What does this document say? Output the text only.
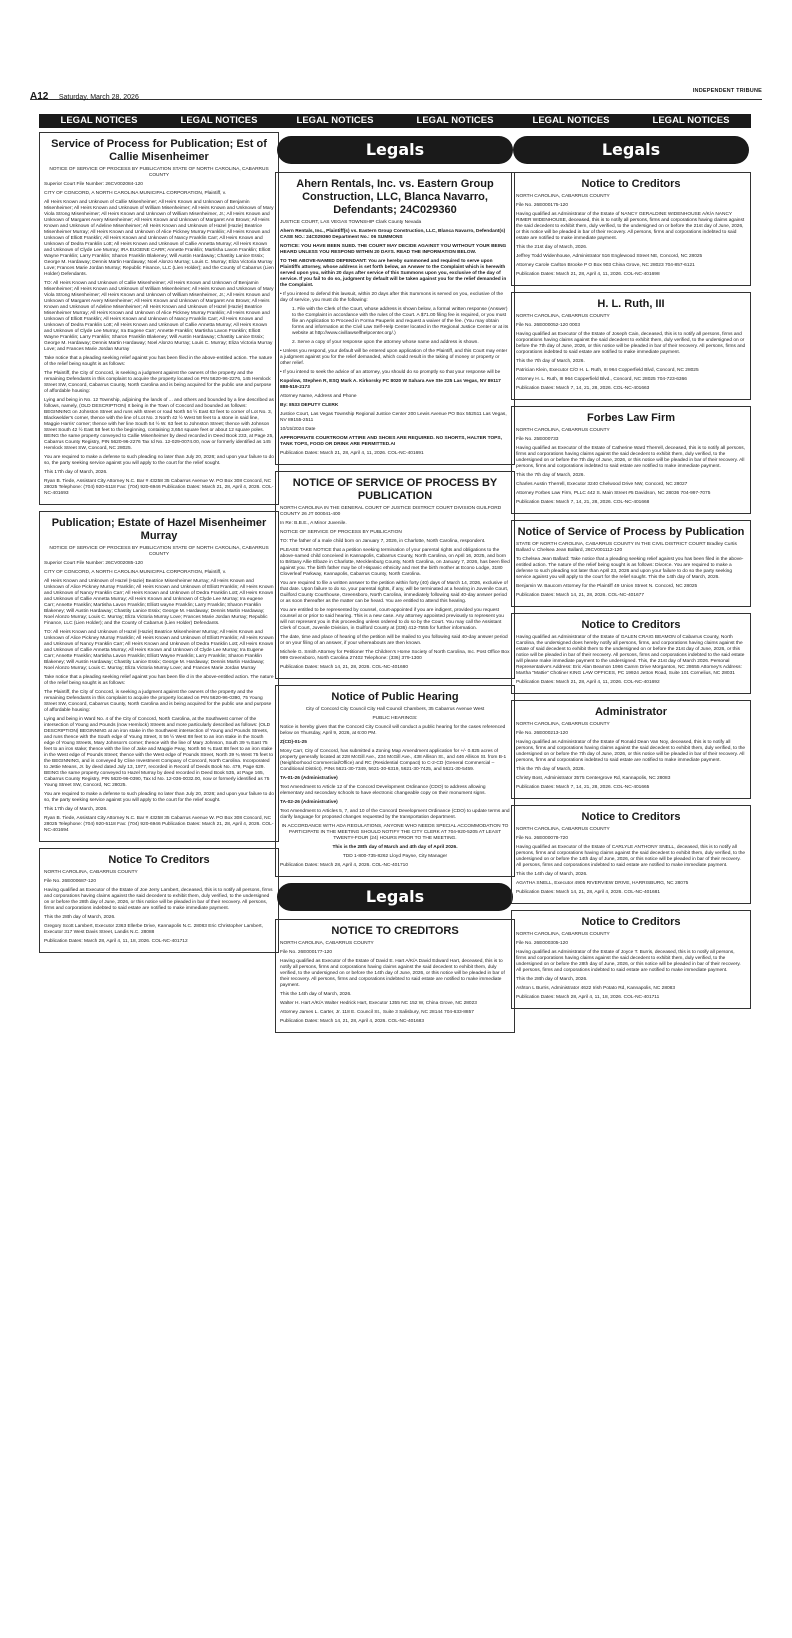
A12 Saturday, March 28, 2026
INDEPENDENT TRIBUNE
LEGAL NOTICES	LEGAL NOTICES	LEGAL NOTICES	LEGAL NOTICES	LEGAL NOTICES	LEGAL NOTICES
Service of Process for Publication; Est of Callie Misenheimer

NOTICE OF SERVICE OF PROCESS BY PUBLICATION STATE OF NORTH CAROLINA, CABARRUS COUNTY

Superior Court File Number: 26CV002084-120

CITY OF CONCORD, A NORTH CAROLINA MUNICIPAL CORPORATION, Plaintiff, v.

All Heirs Known and Unknown of Callie Misenheimer; All Heirs Known and Unknown of Benjamin Misenheimer; All Heirs Known and Unknown of William Misenheimer; All Heirs Known and Unknown of Mary Viola Strong Misenheimer; All Heirs Known and Unknown of William Misenheimer, Jr.; All Heirs Known and Unknown of Margaret Avery Misenheimer; All Heirs Known and Unknown of Margaret Ann Brown; All Heirs Known and Unknown of Adeline Misenheimer; All Heirs Known and Unknown of Hazel (Hazie) Beatrice Misenheimer Murray; All Heirs Known and Unknown of Alice Pickney Murray Franklin; All Heirs Known and Unknown of Elliott Franklin; All Heirs Known and Unknown of Nancy Franklin Carr; All Heirs Known and Unknown of Dedra Franklin Lott; All Heirs Known and Unknown of Callie Annetta Murray; All Heirs Known and Unknown of Clyde Lee Murray; IRA EUGENE CARR; Annette Franklin; Martisha Lavon Franklin; Elliott Wayne Franklin; Larry Franklin; Sharon Franklin Blakeney; Will Austin Hardaway; Chastity Lanice Essix; George M. Hardaway; Dennis Martin Hardaway; Noel Alonzo Murray; Louis C. Murray; Eliza Victoria Murray Love; Frances Marie Jordan Murray; Republic Finance, LLC (Lien Holder); and the County of Cabarrus (Lien Holder) Defendants.

TO: All Heirs Known and Unknown of Callie Misenheimer; All Heirs Known and Unknown of Benjamin Misenheimer; All Heirs Known and Unknown of William Misenheimer; All Heirs Known and Unknown of Mary Viola Strong Misenheimer; All Heirs Known and Unknown of William Misenheimer, Jr.; All Heirs Known and Unknown of Margaret Avery Misenheimer; All Heirs Known and Unknown of Margaret Ann Brown; All Heirs Known and Unknown of Adeline Misenheimer; All Heirs Known and Unknown of Hazel (Hazie) Beatrice Misenheimer Murray; All Heirs Known and Unknown of Alice Pickney Murray Franklin; All Heirs Known and Unknown of Elliott Franklin; All Heirs Known and Unknown of Nancy Franklin Carr; All Heirs Known and Unknown of Dedra Franklin Lott; All Heirs Known and Unknown of Callie Annetta Murray; All Heirs Known and Unknown of Clyde Lee Murray; Ira Eugene Carr; Annette Franklin; Martisha Lavon Franklin; Elliott Wayne Franklin; Larry Franklin; Sharon Franklin Blakeney; Will Austin Hardaway; Chastity Lanice Essix; George M. Hardaway; Dennis Martin Hardaway; Noel Alonzo Murray; Louis C. Murray; Eliza Victoria Murray Love; and Frances Marie Jordan Murray

Take notice that a pleading seeking relief against you has been filed in the above-entitled action. The nature of the relief being sought is as follows:

The Plaintiff, the City of Concord, is seeking a judgment against the owners of the property and the remaining Defendants in this complaint to acquire the property located on PIN 5620-96-2276, 145 Hemlock Street SW, Concord, Cabarrus County, North Carolina and is being acquired for the public use and purpose of affordable housing:

Lying and being in No. 12 Township, adjoining the lands of ... and others and bounded by a line described as follows, namely, (OLD DESCRIPTION) It being in the Town of Concord and bounded as follows: BEGINNING on Johnston Street and runs with street or road North 54 ½ East 63 feet to corner of Lot No. 3, Blackwelder's corner, thence with the line of Lot No. 3 North 42 ½ West 58 feet to a stone in said line, Maggie Harris' corner; thence with her line South 54 ½ W. 63 feet to Johnston Street; thence with Johnson Street South 42 ½ East 58 feet to the beginning, containing 3,654 square feet or about 12 square poles. BEING the same property conveyed to Callie Misenheimer by deed recorded in Deed Book 233, at Page 25, Cabarrus County Registry, PIN 5620-96-2276 Tax Id No. 12-029-0074.00, now or formerly identified as 145 Hemlock Street SW, Concord, NC 28025.

You are required to make a defense to such pleading no later than July 20, 2026; and upon your failure to do so, the party seeking service against you will apply to the court for the relief sought.

This 17th day of March, 2026.

Ryan B. Tiede, Assistant City Attorney N.C. Bar # 43258 35 Cabarrus Avenue W. PO Box 308 Concord, NC 28025 Telephone: (704) 920-5118 Fax: (704) 920-6946 Publication Dates: March 21, 28, April 4, 2026. COL-NC-401693

Publication; Estate of Hazel Misenheimer Murray

NOTICE OF SERVICE OF PROCESS BY PUBLICATION STATE OF NORTH CAROLINA, CABARRUS COUNTY

Superior Court File Number: 26CV002085-120

CITY OF CONCORD, A NORTH CAROLINA MUNICIPAL CORPORATION, Plaintiff, v.

All Heirs Known and Unknown of Hazel (Hazie) Beatrice Misenheimer Murray; All Heirs Known and Unknown of Alice Pickney Murray Franklin; All Heirs Known and Unknown of Elliott Franklin; All Heirs Known and Unknown of Nancy Franklin Carr; All Heirs Known and Unknown of Dedra Franklin Lott; All Heirs Known and Unknown of Callie Annetta Murray; All Heirs Known and Unknown of Clyde Lee Murray; Ira eugene Carr; Annette Franklin; Martisha Lavon Franklin; Elliott wayne Franklin; Larry Franklin; Sharon Franklin Blakeney; Will Austin Hardaway; Chastity Lanice Essix; George M. Hardaway; Dennis Martin Hardaway; Noel Alonzo Murray; Louis C. Murray; Eliza Victoria Murray Love; Frances Marie Jordan Murray; Republic Finance, LLC (Lien Holder); and the County of Cabarrus (Lien Holder) Defendants.

TO: All Heirs Known and Unknown of Hazel (Hazie) Beatrice Misenheimer Murray; All Heirs Known and Unknown of Alice Pickney Murray Franklin; All Heirs Known and Unknown of Elliott Franklin; All Heirs Known and Unknown of Nancy Franklin Carr; All Heirs Known and Unknown of Dedra Franklin Lott; All Heirs Known and Unknown of Callie Annetta Murray; All Heirs Known and Unknown of Clyde Lee Murray; Ira Eugene Carr; Annette Franklin; Martisha Lavon Franklin; Elliott Wayne Franklin; Larry Franklin; Sharon Franklin Blakeney; Will Austin Hardaway; Chastity Lanice Essix; George M. Hardaway; Dennis Martin Hardaway; Noel Alonzo Murray; Louis C. Murray; Eliza Victoria Murray Love; and Frances Marie Jordan Murray

Take notice that a pleading seeking relief against you has been file d in the above-entitled action. The nature of the relief being sought is as follows:

The Plaintiff, the City of Concord, is seeking a judgment against the owners of the property and the remaining Defendants in this complaint to acquire the property located on PIN 5620-96-0390, 75 Young Street SW, Concord, Cabarrus County, North Carolina and is being acquired for the public use and purpose of affordable housing:

Lying and being in Ward No. 4 of the City of Concord, North Carolina, at the Southwest corner of the intersection of Young and Pounds (now Hemlock) Streets and more particularly described as follows: (OLD DESCRIPTION) BEGINNING at an iron stake in the Southwest intersection of Young and Pounds Streets, and runs thence with the South edge of Young Street, S 56 ½ West 88 feet to an iron stake in the South edge of Young Streets, Mary Johnson's corner; thence with the line of Mary Johnson, South 39 ¾ East 75 feet to an iron stake; thence with the line of Jake and Maggie Peay, North 56 ¾ East 88 feet to an iron stake in the West edge of Pounds Street; thence with the West edge of Pounds Street, North 39 ¾ West 75 feet to the BEGINNING, and is conveyed by Cline Investment Company of Concord, North Carolina. Incorporated to Jettie Means, Jr. by deed dated July 13, 1977, recorded in Record of Deeds Book No. 479, Page 629. BEING the same property conveyed to Hazel Murray by deed recorded in Deed Book 535, at Page 165, Cabarrus County Registry, PIN 5620-96-0390, Tax Id No. 12-036-0032.00, now or formerly identified as 75 Young Street SW, Concord, NC 28025.

You are required to make a defense to such pleading no later than July 20, 2026; and upon your failure to do so, the party seeking service against you will apply to the court for the relief sought.

This 17th day of March, 2026.

Ryan B. Tiede, Assistant City Attorney N.C. Bar # 43258 35 Cabarrus Avenue W. PO Box 308 Concord, NC 28025 Telephone: (704) 920-5118 Fax: (704) 920-6946 Publication Dates: March 21, 28, April 4, 2026. COL-NC-401694

Notice To Creditors

NORTH CAROLINA, CABARRUS COUNTY

File No. 26E000687-120

Having qualified as Executor of the Estate of Joe Jerry Lambert, deceased, this is to notify all persons, firms and corporations having claims against the said decedent to exhibit them, duly verified, to the undersigned on or before the 28th day of June, 2026, or this notice will be pleaded in bar of their recovery. All persons, firms and corporations indebted to said estate are notified to make immediate payment.

This the 28th day of March, 2026.

Gregory Scott Lambert, Executor 2363 Ellerbe Drive, Kannapolis N.C. 28083 Eric Christopher Lambert, Executor 317 West Davis Street, Landis N.C. 28088

Publication Dates: March 28, April 4, 11, 18, 2026. COL-NC-401712

Legals
Ahern Rentals, Inc. vs. Eastern Group Construction, LLC, Blanca Navarro, Defendants; 24C029360

JUSTICE COURT, LAS VEGAS TOWNSHIP Clark County Nevada

Ahern Rentals, Inc., Plaintiff(s) vs. Eastern Group Construction, LLC, Blanca Navarro, Defendant(s) CASE NO.: 24C029360 Department No.: 06 SUMMONS

NOTICE: YOU HAVE BEEN SUED. THE COURT MAY DECIDE AGAINST YOU WITHOUT YOUR BEING HEARD UNLESS YOU RESPOND WITHIN 20 DAYS. READ THE INFORMATION BELOW.

TO THE ABOVE-NAMED DEFENDANT: You are hereby summoned and required to serve upon Plaintiffs attorney, whose address is set forth below, an Answer to the Complaint which is herewith served upon you, within 20 days after service of this Summons upon you, exclusive of the day of service. If you fail to do so, judgment by default will be taken against you for the relief demanded in the Complaint.

• If you intend to defend this lawsuit, within 20 days after this Summons is served on you, exclusive of the day of service, you must do the following:

1. File with the Clerk of the Court, whose address is shown below, a formal written response (Answer) to the Complaint in accordance with the rules of the Court. A $71.00 filing fee is required, or you must file an Application to Proceed in Forma Pauperis and request a waiver of the fee. (You may obtain forms and information at the Civil Law Self-Help Center located in the Regional Justice Center or at its website at http://www.civillawselfhelpcenter.org/.)

2. Serve a copy of your response upon the attorney whose name and address is shown.

• Unless you respond, your default will be entered upon application of the Plaintiff, and this Court may enter a judgment against you for the relief demanded, which could result in the taking of money or property or other relief.

• If you intend to seek the advice of an attorney, you should do so promptly so that your response will be

Kopolow, Stephen R, ESQ Mark A. Kirkorsky PC 8020 W Sahara Ave Ste 225 Las Vegas, NV 89117 888-519-2173

Attorney Name, Address and Phone

By: 8533 DEPUTY CLERK

Justice Court, Las Vegas Township Regional Justice Center 200 Lewis Avenue PO Box 552511 Las Vegas, NV 89155-2511

10/15/2024 Date

APPROPRIATE COURTROOM ATTIRE AND SHOES ARE REQUIRED. NO SHORTS, HALTER TOPS, TANK TOPS, FOOD OR DRINK ARE PERMITTED.AI

Publication Dates: March 21, 28, April 4, 11, 2026. COL-NC-401691

NOTICE OF SERVICE OF PROCESS BY PUBLICATION

NORTH CAROLINA IN THE GENERAL COURT OF JUSTICE DISTRICT COURT DIVISION GUILFORD COUNTY 26 JT 000041-400

In Re: B.B.E., A Minor Juvenile.

NOTICE OF SERVICE OF PROCESS BY PUBLICATION

TO: The father of a male child born on January 7, 2026, in Charlotte, North Carolina, respondent.

PLEASE TAKE NOTICE that a petition seeking termination of your parental rights and obligations to the above-named child conceived in Kannapolis, Cabarrus County, North Carolina, on April 16, 2025, and born to Brittany Allie Elbaze in Charlotte, Mecklenburg County, North Carolina, on January 7, 2026, has been filed against you. The birth father may be of Hispanic ethnicity and met the birth mother at Econo Lodge, 3180 Cloverleaf Parkway, Kannapolis, Cabarrus County, North Carolina.

You are required to file a written answer to the petition within forty (40) days of March 14, 2026, exclusive of that date. Upon failure to do so, your parental rights, if any, will be terminated at a hearing in Juvenile Court, Guilford County Courthouse, Greensboro, North Carolina, immediately following said 40-day answer period or as soon thereafter as the matter can be heard. You are entitled to attend this hearing.

You are entitled to be represented by counsel, court-appointed if you are indigent, provided you request counsel at or prior to said hearing. This is a new case. Any attorney appointed previously to represent you will not represent you in this proceeding unless ordered to do so by the Court. You may call the Assistant Clerk of Court, Juvenile Division, in Guilford County at (336) 412-7555 for further information.

The date, time and place of hearing of the petition will be mailed to you following said 40-day answer period or on your filing of an answer, if your whereabouts are then known.

Michele G. Smith Attorney for Petitioner The Children's Home Society of North Carolina, Inc. Post Office Box 989 Greensboro, North Carolina 27402 Telephone: (336) 379-1300

Publication Dates: March 14, 21, 28, 2026. COL-NC-401680

Notice of Public Hearing

City of Concord City Council City Hall Council Chambers, 35 Cabarrus Avenue West

PUBLIC HEARINGS:

Notice is hereby given that the Concord City Council will conduct a public hearing for the cases referenced below on Thursday, April 9, 2026, at 6:00 PM.

Z(CD)-01-25

Mony Carr, City of Concord, has submitted a Zoning Map Amendment application for +/- 0.825 acres of property generally located at 228 McGill Ave., 234 McGill Ave., 438 Allison St., and 446 Allison St. from B-1 (Neighborhood Commercial/Office) and RC (Residential Compact) to C-2-CD (General Commercial – Conditional District). PINs 5621-30-7349, 5621-30-6319, 5621-30-7425, and 5621-30-5459.

TA-01-26 (Administrative)

Text Amendment to Article 12 of the Concord Development Ordinance (CDO) to address allowing elementary and secondary schools to have electronic changeable copy on their monument signs.

TA-02-26 (Administrative)

Text Amendment to Articles 5, 7, and 10 of the Concord Development Ordinance (CDO) to update terms and clarify language for proposed changes requested by the transportation department.

IN ACCORDANCE WITH ADA REGULATIONS, ANYONE WHO NEEDS SPECIAL ACCOMMODATION TO PARTICIPATE IN THE MEETING SHOULD NOTIFY THE CITY CLERK AT 704-920-5205 AT LEAST TWENTY-FOUR (24) HOURS PRIOR TO THE MEETING.

This is the 28th day of March and 4th day of April 2026.

TDD 1-800-735-8262 Lloyd Payne, City Manager

Publication Dates: March 28, April 4, 2026. COL-NC-401710

Legals
NOTICE TO CREDITORS

NORTH CAROLINA, CABARRUS COUNTY

File No. 26E000177-120

Having qualified as Executor of the Estate of David E. Hart A/K/A David Edward Hart, deceased, this is to notify all persons, firms and corporations having claims against the said decedent to exhibit them, duly verified, to the undersigned on or before the 14th day of June, 2026, or this notice will be pleaded in bar of their recovery. All persons, firms and corporations indebted to said estate are notified to make immediate payment.

This the 14th day of March, 2026.

Walter H. Hart A/K/A Walter Hedrick Hart, Executor 1355 NC 152 W, China Grove, NC 28023

Attorney James L. Carter, Jr. 118 E. Council St., Suite 3 Salisbury, NC 28144 704-633-8857

Publication Dates: March 14, 21, 28, April 4, 2026. COL-NC-401683

Legals
Notice to Creditors

NORTH CAROLINA, CABARRUS COUNTY

File No. 26E000175-120

Having qualified as Administrator of the Estate of NANCY GERALDINE WIDENHOUSE A/K/A NANCY RIMER WIDENHOUSE, deceased, this is to notify all persons, firms and corporations having claims against the said decedent to exhibit them, duly verified, to the undersigned on or before the 21st day of June, 2026, or this notice will be pleaded in bar of their recovery. All persons, firms and corporations indebted to said estate are notified to make immediate payment.

This the 21st day of March, 2026.

Jeffrey Todd Widenhouse, Administrator 516 Englewood Street NE, Concord, NC 28025

Attorney Carole Carlton Brooke P O Box 903 China Grove, NC 28023 704-857-6121

Publication Dates: March 21, 28, April 4, 11, 2026. COL-NC-401698

H. L. Ruth, III

NORTH CAROLINA, CABARRUS COUNTY

File No. 26E000052-120 0003

Having qualified as Executor of the Estate of Joseph Cain, deceased, this is to notify all persons, firms and corporations having claims against the said decedent to exhibit them, duly verified, to the undersigned on or before the 7th day of June, 2026, or this notice will be pleaded in bar of their recovery. All persons, firms and corporations indebted to said estate are notified to make immediate payment.

This the 7th day of March, 2026.

Patrician Klein, Executor C/O H. L. Ruth, III 964 Copperfield Blvd, Concord, NC 28025

Attorney H. L. Ruth, III 964 Copperfield Blvd., Concord, NC 28025 704-723-6366

Publication Dates: March 7, 14, 21, 28, 2026. COL-NC-401663

Forbes Law Firm

NORTH CAROLINA, CABARRUS COUNTY

File No. 25E000733

Having qualified as Executor of the Estate of Catherine Ward Therrell, deceased, this is to notify all persons, firms and corporations having claims against the said decedent to exhibit them, duly verified, to the undersigned on or before the 7th day of June, 2026, or this notice will be pleaded in bar of their recovery. All persons, firms and corporations indebted to said estate are notified to make immediate payment.

This the 7th day of March, 2026.

Charles Austin Therrell, Executor 3240 Chelwood Drive NW, Concord, NC 28027

Attorney Forbes Law Firm, PLLC 442 S. Main Street #5 Davidson, NC 28036 704-997-7075

Publication Dates: March 7, 14, 21, 28, 2026. COL-NC-401668

Notice of Service of Process by Publication

STATE OF NORTH CAROLINA, CABARRUS COUNTY IN THE CIVIL DISTRICT COURT Bradley Curtis Ballard v. Chelsea Jean Ballard, 26CV001112-120

To Chelsea Jean Ballard: Take notice that a pleading seeking relief against you has been filed in the above-entitled action. The nature of the relief being sought is as follows: Divorce. You are required to make a defense to such pleading not later than April 23, 2026 and upon your failure to do so the party seeking service against you will apply to the court for the relief sought. This the 14th day of March, 2026.

Benjamin W. Baucom Attorney for the Plaintiff 49 Union Street N. Concord, NC 28025

Publication Dates: March 14, 21, 28, 2026. COL-NC-401677

Notice to Creditors

Having qualified as Administrator of the Estate of GALEN CRAIG BEAMON of Cabarrus County, North Carolina, the undersigned does hereby notify all persons, firms, and corporations having claims against the estate of said decedent to exhibit them to the undersigned on or before the 21st day of June, 2026, or this notice will be pleaded in bar of their recovery. All persons, firms and corporations indebted to the said estate will please make immediate payment to the undersigned. This, the 21st day of March 2026. Personal Representative's Address: Eric Alan Beamon 1966 Camm Drive Morganton, NC 28655 Attorney's Address: Martha "Mattie" Chotiner KING LAW OFFICES, PC 19924 Jetton Road, Suite 101 Cornelius, NC 28031

Publication Dates: March 21, 28, April 4, 11, 2026. COL-NC-401692

Administrator

NORTH CAROLINA, CABARRUS COUNTY

File No. 26E000213-120

Having qualified as Administrator of the Estate of Ronald Dean Van Noy, deceased, this is to notify all persons, firms and corporations having claims against the said decedent to exhibit them, duly verified, to the undersigned on or before the 7th day of June, 2026, or this notice will be pleaded in bar of their recovery. All persons, firms and corporations indebted to said estate are notified to make immediate payment.

This the 7th day of March, 2026.

Christy Bost, Administrator 3575 Centergrove Rd, Kannapolis, NC 28083

Publication Dates: March 7, 14, 21, 28, 2026. COL-NC-401665

Notice to Creditors

NORTH CAROLINA, CABARRUS COUNTY

File No. 26E000078-720

Having qualified as Executor of the Estate of CARLYLE ANTHONY SNELL, deceased, this is to notify all persons, firms and corporations having claims against the said decedent to exhibit them, duly verified, to the undersigned on or before the 14th day of June, 2026, or this notice will be pleaded in bar of their recovery. All persons, firms and corporations indebted to said estate are notified to make immediate payment.

This the 14th day of March, 2026.

AGATHA SNELL, Executor 4905 RIVERVIEW DRIVE, HARRISBURG, NC 28075

Publication Dates: March 14, 21, 28, April 4, 2026. COL-NC-401681

Notice to Creditors

NORTH CAROLINA, CABARRUS COUNTY

File No. 26E000305-120

Having qualified as Administrator of the Estate of Joyce T. Burris, deceased, this is to notify all persons, firms and corporations having claims against the said decedent to exhibit them, duly verified, to the undersigned on or before the 28th day of June, 2026, or this notice will be pleaded in bar of their recovery. All persons, firms and corporations indebted to said estate are notified to make immediate payment.

This the 28th day of March, 2026.

Ashton L Burris, Administrator 4622 Irish Potato Rd, Kannapolis, NC 28083

Publication Dates: March 28, April 4, 11, 18, 2026. COL-NC-401711
